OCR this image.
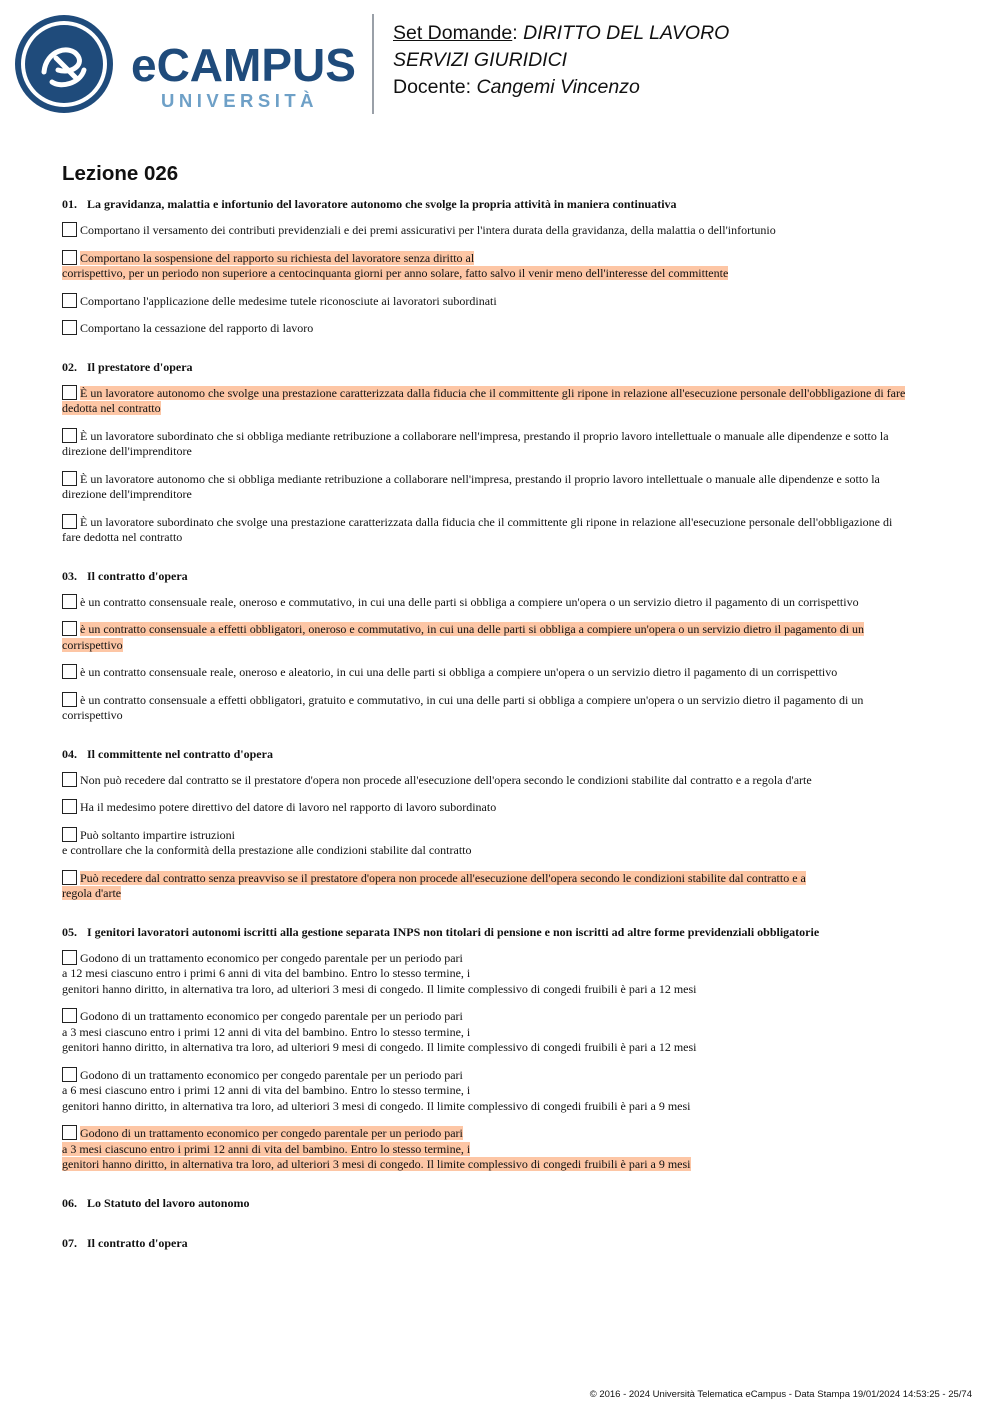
eCAMPUS
UNIVERSITÀ
Set Domande: DIRITTO DEL LAVORO
SERVIZI GIURIDICI
Docente: Cangemi Vincenzo
Lezione 026
01. La gravidanza, malattia e infortunio del lavoratore autonomo che svolge la propria attività in maniera continuativa
Comportano il versamento dei contributi previdenziali e dei premi assicurativi per l'intera durata della gravidanza, della malattia o dell'infortunio
Comportano la sospensione del rapporto su richiesta del lavoratore senza diritto al
corrispettivo, per un periodo non superiore a centocinquanta giorni per anno solare, fatto salvo il venir meno dell'interesse del committente
Comportano l'applicazione delle medesime tutele riconosciute ai lavoratori subordinati
Comportano la cessazione del rapporto di lavoro
02. Il prestatore d'opera
È un lavoratore autonomo che svolge una prestazione caratterizzata dalla fiducia che il committente gli ripone in relazione all'esecuzione personale dell'obbligazione di fare
dedotta nel contratto
È un lavoratore subordinato che si obbliga mediante retribuzione a collaborare nell'impresa, prestando il proprio lavoro intellettuale o manuale alle dipendenze e sotto la
direzione dell'imprenditore
È un lavoratore autonomo che si obbliga mediante retribuzione a collaborare nell'impresa, prestando il proprio lavoro intellettuale o manuale alle dipendenze e sotto la
direzione dell'imprenditore
È un lavoratore subordinato che svolge una prestazione caratterizzata dalla fiducia che il committente gli ripone in relazione all'esecuzione personale dell'obbligazione di
fare dedotta nel contratto
03. Il contratto d'opera
è un contratto consensuale reale, oneroso e commutativo, in cui una delle parti si obbliga a compiere un'opera o un servizio dietro il pagamento di un corrispettivo
è un contratto consensuale a effetti obbligatori, oneroso e commutativo, in cui una delle parti si obbliga a compiere un'opera o un servizio dietro il pagamento di un
corrispettivo
è un contratto consensuale reale, oneroso e aleatorio, in cui una delle parti si obbliga a compiere un'opera o un servizio dietro il pagamento di un corrispettivo
è un contratto consensuale a effetti obbligatori, gratuito e commutativo, in cui una delle parti si obbliga a compiere un'opera o un servizio dietro il pagamento di un
corrispettivo
04. Il committente nel contratto d'opera
Non può recedere dal contratto se il prestatore d'opera non procede all'esecuzione dell'opera secondo le condizioni stabilite dal contratto e a regola d'arte
Ha il medesimo potere direttivo del datore di lavoro nel rapporto di lavoro subordinato
Può soltanto impartire istruzioni
e controllare che la conformità della prestazione alle condizioni stabilite dal contratto
Può recedere dal contratto senza preavviso se il prestatore d'opera non procede all'esecuzione dell'opera secondo le condizioni stabilite dal contratto e a
regola d'arte
05. I genitori lavoratori autonomi iscritti alla gestione separata INPS non titolari di pensione e non iscritti ad altre forme previdenziali obbligatorie
Godono di un trattamento economico per congedo parentale per un periodo pari
a 12 mesi ciascuno entro i primi 6 anni di vita del bambino. Entro lo stesso termine, i
genitori hanno diritto, in alternativa tra loro, ad ulteriori 3 mesi di congedo. Il limite complessivo di congedi fruibili è pari a 12 mesi
Godono di un trattamento economico per congedo parentale per un periodo pari
a 3 mesi ciascuno entro i primi 12 anni di vita del bambino. Entro lo stesso termine, i
genitori hanno diritto, in alternativa tra loro, ad ulteriori 9 mesi di congedo. Il limite complessivo di congedi fruibili è pari a 12 mesi
Godono di un trattamento economico per congedo parentale per un periodo pari
a 6 mesi ciascuno entro i primi 12 anni di vita del bambino. Entro lo stesso termine, i
genitori hanno diritto, in alternativa tra loro, ad ulteriori 3 mesi di congedo. Il limite complessivo di congedi fruibili è pari a 9 mesi
Godono di un trattamento economico per congedo parentale per un periodo pari
a 3 mesi ciascuno entro i primi 12 anni di vita del bambino. Entro lo stesso termine, i
genitori hanno diritto, in alternativa tra loro, ad ulteriori 3 mesi di congedo. Il limite complessivo di congedi fruibili è pari a 9 mesi
06. Lo Statuto del lavoro autonomo
07. Il contratto d'opera
© 2016 - 2024 Università Telematica eCampus - Data Stampa 19/01/2024 14:53:25 - 25/74
